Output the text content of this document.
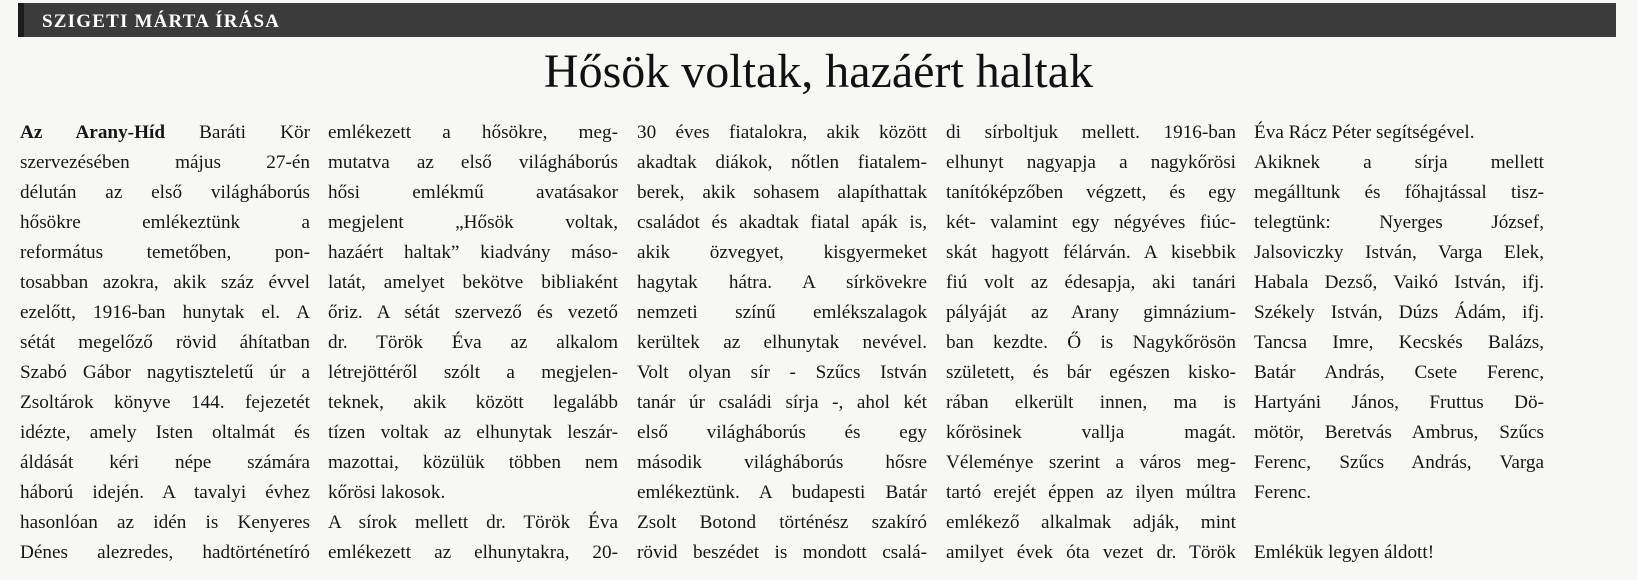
SZIGETI MÁRTA ÍRÁSA
Hősök voltak, hazáért haltak
Az Arany-Híd Baráti Kör
szervezésében május 27-én
délután az első világháborús
hősökre emlékeztünk a
református temetőben, pon-
tosabban azokra, akik száz évvel
ezelőtt, 1916-ban hunytak el. A
sétát megelőző rövid áhítatban
Szabó Gábor nagytiszteletű úr a
Zsoltárok könyve 144. fejezetét
idézte, amely Isten oltalmát és
áldását kéri népe számára
háború idején. A tavalyi évhez
hasonlóan az idén is Kenyeres
Dénes alezredes, hadtörténetíró
emlékezett a hősökre, meg-
mutatva az első világháborús
hősi emlékmű avatásakor
megjelent „Hősök voltak,
hazáért haltak” kiadvány máso-
latát, amelyet bekötve bibliaként
őriz. A sétát szervező és vezető
dr. Török Éva az alkalom
létrejöttéről szólt a megjelen-
teknek, akik között legalább
tízen voltak az elhunytak leszár-
mazottai, közülük többen nem
kőrösi lakosok.
A sírok mellett dr. Török Éva
emlékezett az elhunytakra, 20-
30 éves fiatalokra, akik között
akadtak diákok, nőtlen fiatalem-
berek, akik sohasem alapíthattak
családot és akadtak fiatal apák is,
akik özvegyet, kisgyermeket
hagytak hátra. A sírkövekre
nemzeti színű emlékszalagok
kerültek az elhunytak nevével.
Volt olyan sír - Szűcs István
tanár úr családi sírja -, ahol két
első világháborús és egy
második világháborús hősre
emlékeztünk. A budapesti Batár
Zsolt Botond történész szakíró
rövid beszédet is mondott csalá-
di sírboltjuk mellett. 1916-ban
elhunyt nagyapja a nagykőrösi
tanítóképzőben végzett, és egy
két- valamint egy négyéves fiúc-
skát hagyott félárván. A kisebbik
fiú volt az édesapja, aki tanári
pályáját az Arany gimnázium-
ban kezdte. Ő is Nagykőrösön
született, és bár egészen kisko-
rában elkerült innen, ma is
kőrösinek vallja magát.
Véleménye szerint a város meg-
tartó erejét éppen az ilyen múltra
emlékező alkalmak adják, mint
amilyet évek óta vezet dr. Török
Éva Rácz Péter segítségével.
Akiknek a sírja mellett
megálltunk és főhajtással tisz-
telegtünk: Nyerges József,
Jalsoviczky István, Varga Elek,
Habala Dezső, Vaikó István, ifj.
Székely István, Dúzs Ádám, ifj.
Tancsa Imre, Kecskés Balázs,
Batár András, Csete Ferenc,
Hartyáni János, Fruttus Dö-
mötör, Beretvás Ambrus, Szűcs
Ferenc, Szűcs András, Varga
Ferenc.
Emlékük legyen áldott!
